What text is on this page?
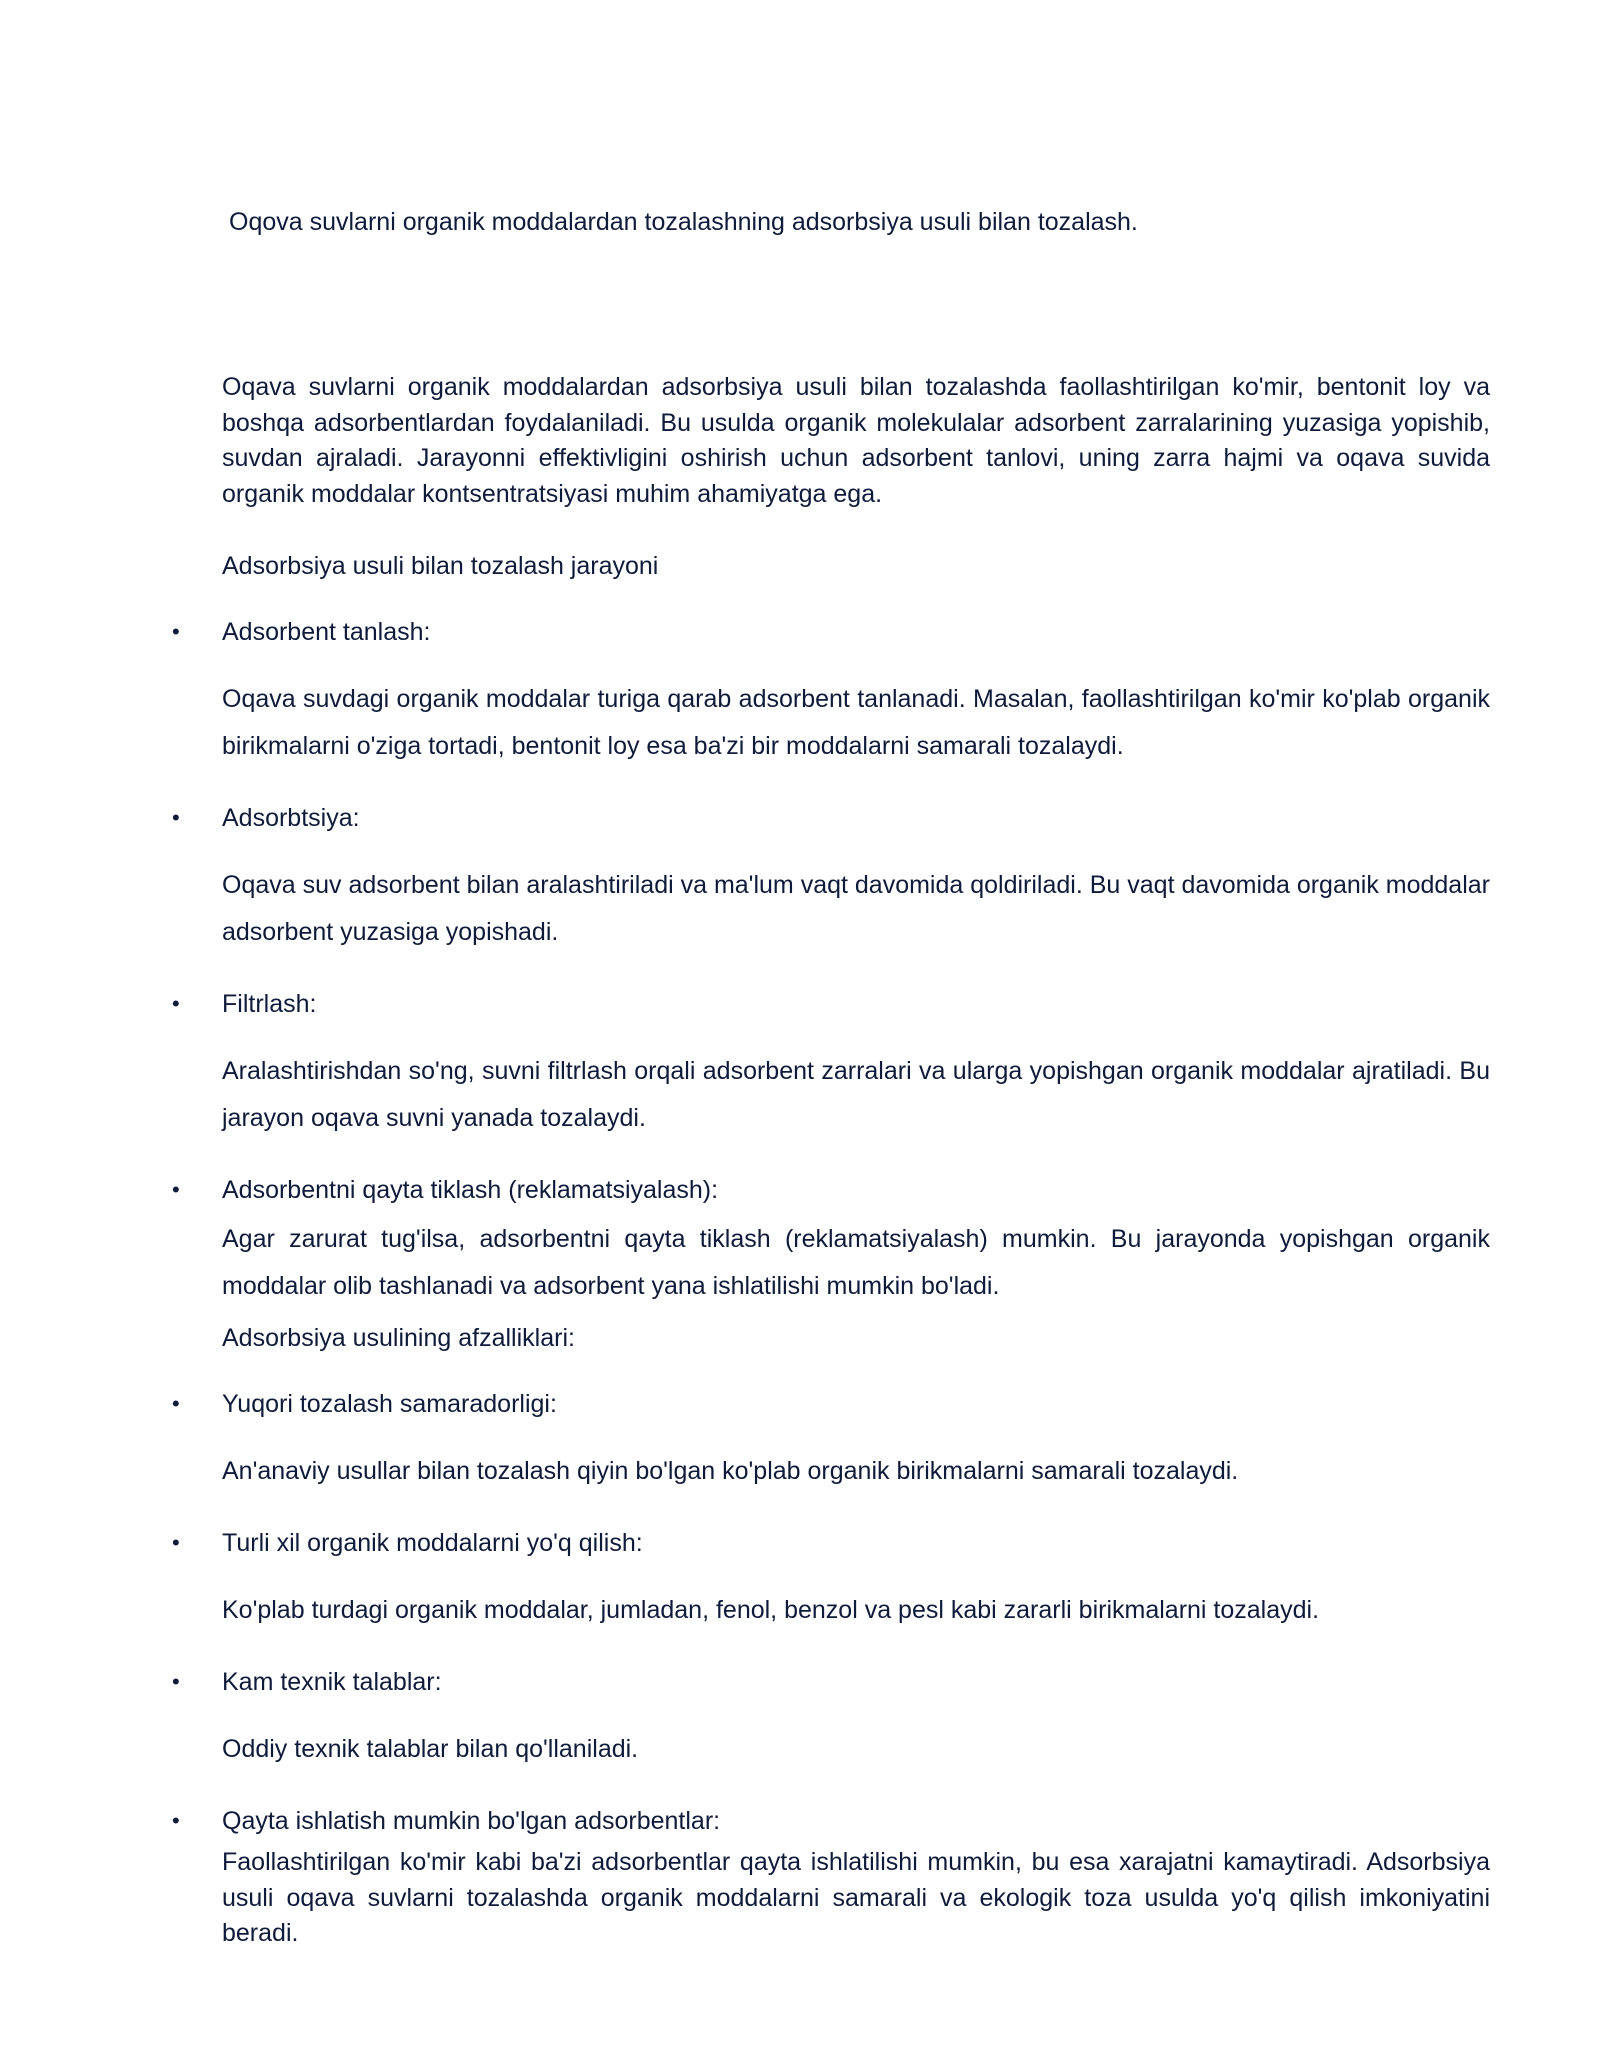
Oqova suvlarni organik moddalardan tozalashning adsorbsiya usuli bilan tozalash.

Oqava suvlarni organik moddalardan adsorbsiya usuli bilan tozalashda faollashtirilgan ko'mir, bentonit loy va boshqa adsorbentlardan foydalaniladi. Bu usulda organik molekulalar adsorbent zarralarining yuzasiga yopishib, suvdan ajraladi. Jarayonni effektivligini oshirish uchun adsorbent tanlovi, uning zarra hajmi va oqava suvida organik moddalar kontsentratsiyasi muhim ahamiyatga ega.

Adsorbsiya usuli bilan tozalash jarayoni

• Adsorbent tanlash:

Oqava suvdagi organik moddalar turiga qarab adsorbent tanlanadi. Masalan, faollashtirilgan ko'mir ko'plab organik birikmalarni o'ziga tortadi, bentonit loy esa ba'zi bir moddalarni samarali tozalaydi.

• Adsorbtsiya:

Oqava suv adsorbent bilan aralashtiriladi va ma'lum vaqt davomida qoldiriladi. Bu vaqt davomida organik moddalar adsorbent yuzasiga yopishadi.

• Filtrlash:

Aralashtirishdan so'ng, suvni filtrlash orqali adsorbent zarralari va ularga yopishgan organik moddalar ajratiladi. Bu jarayon oqava suvni yanada tozalaydi.

• Adsorbentni qayta tiklash (reklamatsiyalash):

Agar zarurat tug'ilsa, adsorbentni qayta tiklash (reklamatsiyalash) mumkin. Bu jarayonda yopishgan organik moddalar olib tashlanadi va adsorbent yana ishlatilishi mumkin bo'ladi.

Adsorbsiya usulining afzalliklari:

• Yuqori tozalash samaradorligi:

An'anaviy usullar bilan tozalash qiyin bo'lgan ko'plab organik birikmalarni samarali tozalaydi.

• Turli xil organik moddalarni yo'q qilish:

Ko'plab turdagi organik moddalar, jumladan, fenol, benzol va pesl kabi zararli birikmalarni tozalaydi.

• Kam texnik talablar:

Oddiy texnik talablar bilan qo'llaniladi.

• Qayta ishlatish mumkin bo'lgan adsorbentlar:

Faollashtirilgan ko'mir kabi ba'zi adsorbentlar qayta ishlatilishi mumkin, bu esa xarajatni kamaytiradi. Adsorbsiya usuli oqava suvlarni tozalashda organik moddalarni samarali va ekologik toza usulda yo'q qilish imkoniyatini beradi.
